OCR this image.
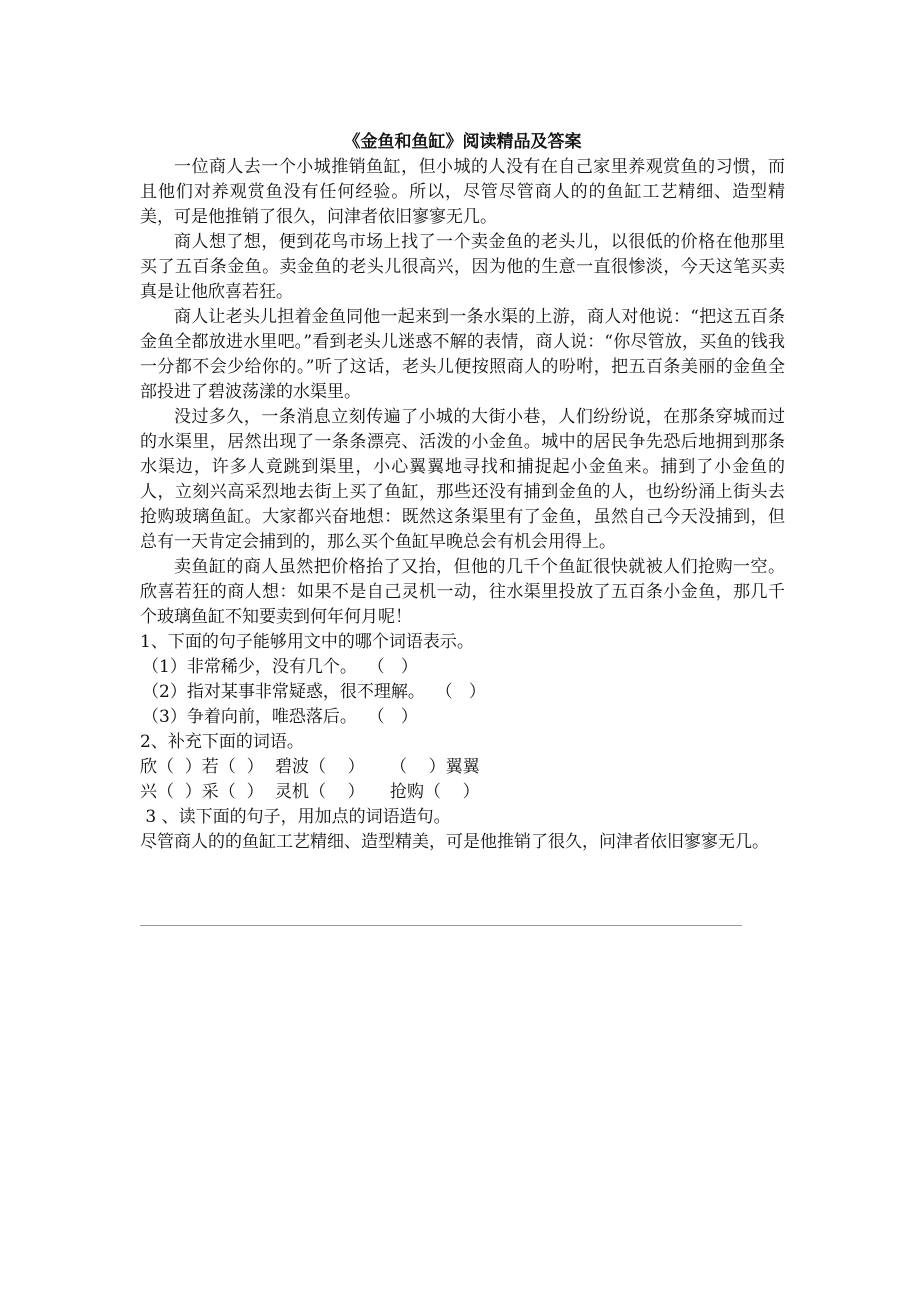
《金鱼和鱼缸》阅读精品及答案

一位商人去一个小城推销鱼缸，但小城的人没有在自己家里养观赏鱼的习惯，而且他们对养观赏鱼没有任何经验。所以，尽管尽管商人的的鱼缸工艺精细、造型精美，可是他推销了很久，问津者依旧寥寥无几。

商人想了想，便到花鸟市场上找了一个卖金鱼的老头儿，以很低的价格在他那里买了五百条金鱼。卖金鱼的老头儿很高兴，因为他的生意一直很惨淡，今天这笔买卖真是让他欣喜若狂。

商人让老头儿担着金鱼同他一起来到一条水渠的上游，商人对他说：“把这五百条金鱼全都放进水里吧。”看到老头儿迷惑不解的表情，商人说：“你尽管放，买鱼的钱我一分都不会少给你的。”听了这话，老头儿便按照商人的吩咐，把五百条美丽的金鱼全部投进了碧波荡漾的水渠里。

没过多久，一条消息立刻传遍了小城的大街小巷，人们纷纷说，在那条穿城而过的水渠里，居然出现了一条条漂亮、活泼的小金鱼。城中的居民争先恐后地拥到那条水渠边，许多人竟跳到渠里，小心翼翼地寻找和捕捉起小金鱼来。捕到了小金鱼的人，立刻兴高采烈地去街上买了鱼缸，那些还没有捕到金鱼的人，也纷纷涌上街头去抢购玻璃鱼缸。大家都兴奋地想：既然这条渠里有了金鱼，虽然自己今天没捕到，但总有一天肯定会捕到的，那么买个鱼缸早晚总会有机会用得上。

卖鱼缸的商人虽然把价格抬了又抬，但他的几千个鱼缸很快就被人们抢购一空。欣喜若狂的商人想：如果不是自己灵机一动，往水渠里投放了五百条小金鱼，那几千个玻璃鱼缸不知要卖到何年何月呢！

1、下面的句子能够用文中的哪个词语表示。

（1）非常稀少，没有几个。  （   ）

（2）指对某事非常疑惑，很不理解。  （   ）

（3）争着向前，唯恐落后。  （   ）

2、补充下面的词语。

欣（  ）若（  ） 碧波（    ）	（    ）翼翼
兴（  ）采（  ） 灵机（    ）	抢购（    ）

3 、读下面的句子，用加点的词语造句。

尽管商人的的鱼缸工艺精细、造型精美，可是他推销了很久，问津者依旧寥寥无几。
